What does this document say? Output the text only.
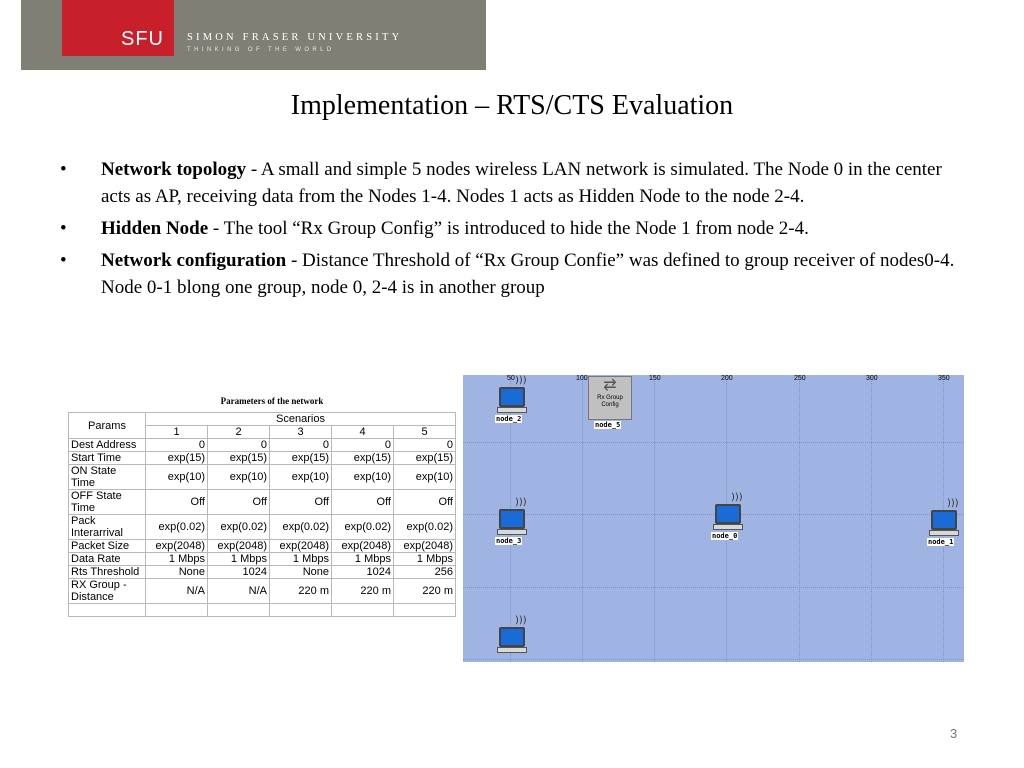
SFU SIMON FRASER UNIVERSITY
THINKING OF THE WORLD
Implementation – RTS/CTS Evaluation
• Network topology - A small and simple 5 nodes wireless LAN network is simulated. The Node 0 in the center acts as AP, receiving data from the Nodes 1-4. Nodes 1 acts as Hidden Node to the node 2-4.
• Hidden Node - The tool “Rx Group Config” is introduced to hide the Node 1 from node 2-4.
• Network configuration - Distance Threshold of “Rx Group Confie” was defined to group receiver of nodes0-4. Node 0-1 blong one group, node 0, 2-4 is in another group
Parameters of the network
Params	Scenarios				
	1	2	3	4	5
Dest Address	0	0	0	0	0
Start Time	exp(15)	exp(15)	exp(15)	exp(15)	exp(15)
ON State Time	exp(10)	exp(10)	exp(10)	exp(10)	exp(10)
OFF State Time	Off	Off	Off	Off	Off
Pack Interarrival	exp(0.02)	exp(0.02)	exp(0.02)	exp(0.02)	exp(0.02)
Packet Size	exp(2048)	exp(2048)	exp(2048)	exp(2048)	exp(2048)
Data Rate	1 Mbps	1 Mbps	1 Mbps	1 Mbps	1 Mbps
Rts Threshold	None	1024	None	1024	256
RX Group - Distance	N/A	N/A	220 m	220 m	220 m

50	100	150	200	250	300	350
)))
node_2
)))
node_3
)))
node_0
)))
node_1
)))
⇄
Rx Group Config
node_5
3
